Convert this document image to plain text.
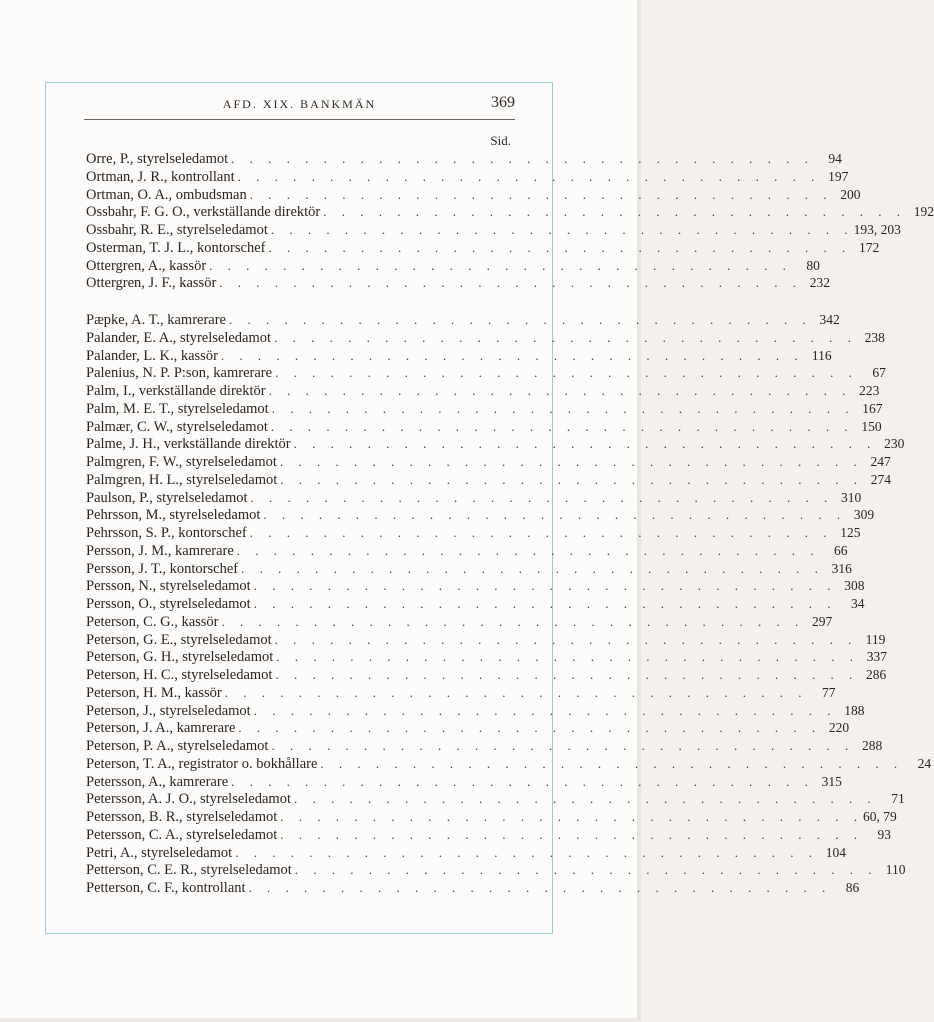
AFD. XIX. BANKMÄN	369
Sid.
Orre, P., styrelseledamot . . . . . . . . . . . . . . . . . . . . . . . . . . . . . . . .	94
Ortman, J. R., kontrollant . . . . . . . . . . . . . . . . . . . . . . . . . . . . . . . . 197
Ortman, O. A., ombudsman . . . . . . . . . . . . . . . . . . . . . . . . . . . . . . . . 200
Ossbahr, F. G. O., verkställande direktör . . . . . . . . . . . . . . . . . . . . . . . . . . . . . . . . 192
Ossbahr, R. E., styrelseledamot . . . . . . . . . . . . . . . . . . . . . . . . . . . . . . . . 193, 203
Osterman, T. J. L., kontorschef . . . . . . . . . . . . . . . . . . . . . . . . . . . . . . . . 172
Ottergren, A., kassör . . . . . . . . . . . . . . . . . . . . . . . . . . . . . . . .	80
Ottergren, J. F., kassör . . . . . . . . . . . . . . . . . . . . . . . . . . . . . . . . 232
Pæpke, A. T., kamrerare . . . . . . . . . . . . . . . . . . . . . . . . . . . . . . . . 342
Palander, E. A., styrelseledamot . . . . . . . . . . . . . . . . . . . . . . . . . . . . . . . . 238
Palander, L. K., kassör . . . . . . . . . . . . . . . . . . . . . . . . . . . . . . . . 116
Palenius, N. P. P:son, kamrerare . . . . . . . . . . . . . . . . . . . . . . . . . . . . . . . .	67
Palm, I., verkställande direktör . . . . . . . . . . . . . . . . . . . . . . . . . . . . . . . . 223
Palm, M. E. T., styrelseledamot . . . . . . . . . . . . . . . . . . . . . . . . . . . . . . . . 167
Palmær, C. W., styrelseledamot . . . . . . . . . . . . . . . . . . . . . . . . . . . . . . . . 150
Palme, J. H., verkställande direktör . . . . . . . . . . . . . . . . . . . . . . . . . . . . . . . . 230
Palmgren, F. W., styrelseledamot . . . . . . . . . . . . . . . . . . . . . . . . . . . . . . . . 247
Palmgren, H. L., styrelseledamot . . . . . . . . . . . . . . . . . . . . . . . . . . . . . . . . 274
Paulson, P., styrelseledamot . . . . . . . . . . . . . . . . . . . . . . . . . . . . . . . . 310
Pehrsson, M., styrelseledamot . . . . . . . . . . . . . . . . . . . . . . . . . . . . . . . . 309
Pehrsson, S. P., kontorschef . . . . . . . . . . . . . . . . . . . . . . . . . . . . . . . . 125
Persson, J. M., kamrerare . . . . . . . . . . . . . . . . . . . . . . . . . . . . . . . .	66
Persson, J. T., kontorschef . . . . . . . . . . . . . . . . . . . . . . . . . . . . . . . . 316
Persson, N., styrelseledamot . . . . . . . . . . . . . . . . . . . . . . . . . . . . . . . . 308
Persson, O., styrelseledamot . . . . . . . . . . . . . . . . . . . . . . . . . . . . . . . .	34
Peterson, C. G., kassör . . . . . . . . . . . . . . . . . . . . . . . . . . . . . . . . 297
Peterson, G. E., styrelseledamot . . . . . . . . . . . . . . . . . . . . . . . . . . . . . . . . 119
Peterson, G. H., styrelseledamot . . . . . . . . . . . . . . . . . . . . . . . . . . . . . . . . 337
Peterson, H. C., styrelseledamot . . . . . . . . . . . . . . . . . . . . . . . . . . . . . . . . 286
Peterson, H. M., kassör . . . . . . . . . . . . . . . . . . . . . . . . . . . . . . . .	77
Peterson, J., styrelseledamot . . . . . . . . . . . . . . . . . . . . . . . . . . . . . . . . 188
Peterson, J. A., kamrerare . . . . . . . . . . . . . . . . . . . . . . . . . . . . . . . . 220
Peterson, P. A., styrelseledamot . . . . . . . . . . . . . . . . . . . . . . . . . . . . . . . . 288
Peterson, T. A., registrator o. bokhållare . . . . . . . . . . . . . . . . . . . . . . . . . . . . . . . .	24
Petersson, A., kamrerare . . . . . . . . . . . . . . . . . . . . . . . . . . . . . . . . 315
Petersson, A. J. O., styrelseledamot . . . . . . . . . . . . . . . . . . . . . . . . . . . . . . . .	71
Petersson, B. R., styrelseledamot . . . . . . . . . . . . . . . . . . . . . . . . . . . . . . . . 60, 79
Petersson, C. A., styrelseledamot . . . . . . . . . . . . . . . . . . . . . . . . . . . . . . . .	93
Petri, A., styrelseledamot . . . . . . . . . . . . . . . . . . . . . . . . . . . . . . . . 104
Petterson, C. E. R., styrelseledamot . . . . . . . . . . . . . . . . . . . . . . . . . . . . . . . . 110
Petterson, C. F., kontrollant . . . . . . . . . . . . . . . . . . . . . . . . . . . . . . . .	86
